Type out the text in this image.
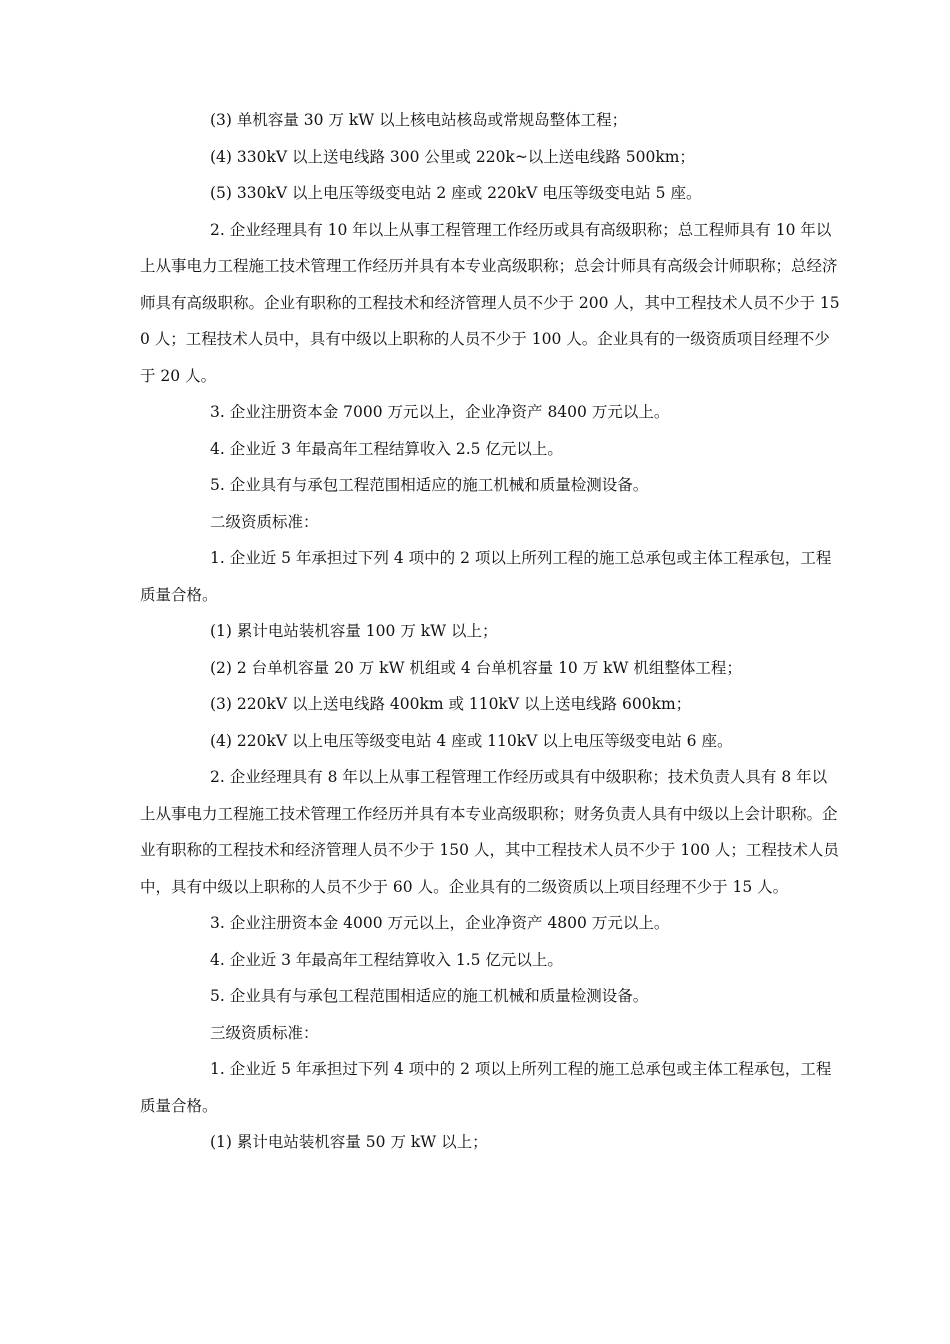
(3) 单机容量 30 万 kW 以上核电站核岛或常规岛整体工程；

(4) 330kV 以上送电线路 300 公里或 220k~以上送电线路 500km；

(5) 330kV 以上电压等级变电站 2 座或 220kV 电压等级变电站 5 座。

2. 企业经理具有 10 年以上从事工程管理工作经历或具有高级职称；总工程师具有 10 年以上从事电力工程施工技术管理工作经历并具有本专业高级职称；总会计师具有高级会计师职称；总经济师具有高级职称。企业有职称的工程技术和经济管理人员不少于 200 人，其中工程技术人员不少于 150 人；工程技术人员中，具有中级以上职称的人员不少于 100 人。企业具有的一级资质项目经理不少于 20 人。

3. 企业注册资本金 7000 万元以上，企业净资产 8400 万元以上。

4. 企业近 3 年最高年工程结算收入 2.5 亿元以上。

5. 企业具有与承包工程范围相适应的施工机械和质量检测设备。

二级资质标准：

1. 企业近 5 年承担过下列 4 项中的 2 项以上所列工程的施工总承包或主体工程承包，工程质量合格。

(1) 累计电站装机容量 100 万 kW 以上；

(2) 2 台单机容量 20 万 kW 机组或 4 台单机容量 10 万 kW 机组整体工程；

(3) 220kV 以上送电线路 400km 或 110kV 以上送电线路 600km；

(4) 220kV 以上电压等级变电站 4 座或 110kV 以上电压等级变电站 6 座。

2. 企业经理具有 8 年以上从事工程管理工作经历或具有中级职称；技术负责人具有 8 年以上从事电力工程施工技术管理工作经历并具有本专业高级职称；财务负责人具有中级以上会计职称。企业有职称的工程技术和经济管理人员不少于 150 人，其中工程技术人员不少于 100 人；工程技术人员中，具有中级以上职称的人员不少于 60 人。企业具有的二级资质以上项目经理不少于 15 人。

3. 企业注册资本金 4000 万元以上，企业净资产 4800 万元以上。

4. 企业近 3 年最高年工程结算收入 1.5 亿元以上。

5. 企业具有与承包工程范围相适应的施工机械和质量检测设备。

三级资质标准：

1. 企业近 5 年承担过下列 4 项中的 2 项以上所列工程的施工总承包或主体工程承包，工程质量合格。

(1) 累计电站装机容量 50 万 kW 以上；
